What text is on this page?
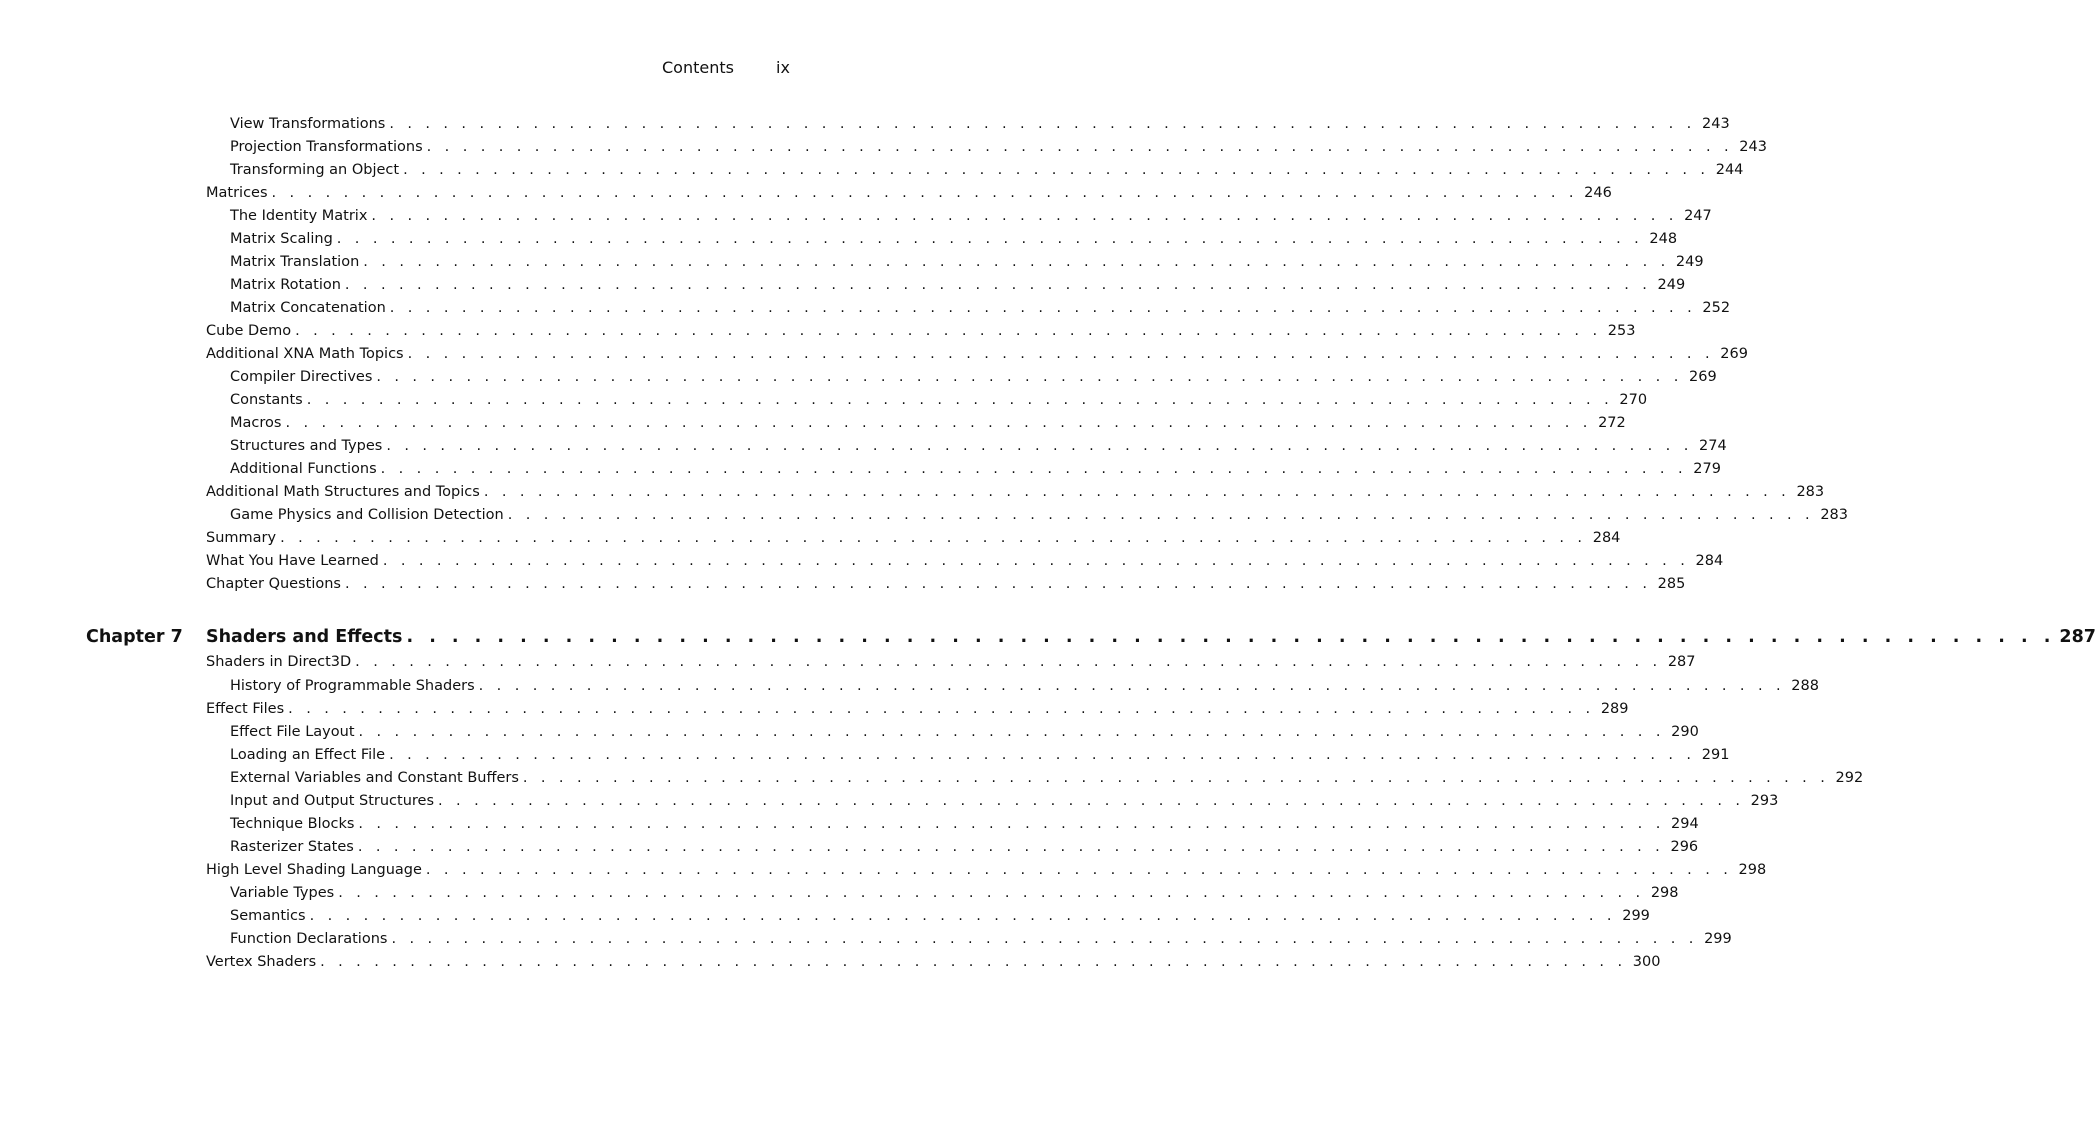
Contents	ix
View Transformations . . . . . . . . . . . . . . . . . . . . . . . . . . . . . . . . . . . . . . . . . . . . . . . . . . . . . . . . . . . . . . . . . . . . . . . . . 243
Projection Transformations . . . . . . . . . . . . . . . . . . . . . . . . . . . . . . . . . . . . . . . . . . . . . . . . . . . . . . . . . . . . . . . . . . . . . . . . . 243
Transforming an Object . . . . . . . . . . . . . . . . . . . . . . . . . . . . . . . . . . . . . . . . . . . . . . . . . . . . . . . . . . . . . . . . . . . . . . . . . 244
Matrices . . . . . . . . . . . . . . . . . . . . . . . . . . . . . . . . . . . . . . . . . . . . . . . . . . . . . . . . . . . . . . . . . . . . . . . . . 246
The Identity Matrix . . . . . . . . . . . . . . . . . . . . . . . . . . . . . . . . . . . . . . . . . . . . . . . . . . . . . . . . . . . . . . . . . . . . . . . . . 247
Matrix Scaling . . . . . . . . . . . . . . . . . . . . . . . . . . . . . . . . . . . . . . . . . . . . . . . . . . . . . . . . . . . . . . . . . . . . . . . . . 248
Matrix Translation . . . . . . . . . . . . . . . . . . . . . . . . . . . . . . . . . . . . . . . . . . . . . . . . . . . . . . . . . . . . . . . . . . . . . . . . . 249
Matrix Rotation . . . . . . . . . . . . . . . . . . . . . . . . . . . . . . . . . . . . . . . . . . . . . . . . . . . . . . . . . . . . . . . . . . . . . . . . . 249
Matrix Concatenation . . . . . . . . . . . . . . . . . . . . . . . . . . . . . . . . . . . . . . . . . . . . . . . . . . . . . . . . . . . . . . . . . . . . . . . . . 252
Cube Demo . . . . . . . . . . . . . . . . . . . . . . . . . . . . . . . . . . . . . . . . . . . . . . . . . . . . . . . . . . . . . . . . . . . . . . . . . 253
Additional XNA Math Topics . . . . . . . . . . . . . . . . . . . . . . . . . . . . . . . . . . . . . . . . . . . . . . . . . . . . . . . . . . . . . . . . . . . . . . . . . 269
Compiler Directives . . . . . . . . . . . . . . . . . . . . . . . . . . . . . . . . . . . . . . . . . . . . . . . . . . . . . . . . . . . . . . . . . . . . . . . . . 269
Constants . . . . . . . . . . . . . . . . . . . . . . . . . . . . . . . . . . . . . . . . . . . . . . . . . . . . . . . . . . . . . . . . . . . . . . . . . 270
Macros . . . . . . . . . . . . . . . . . . . . . . . . . . . . . . . . . . . . . . . . . . . . . . . . . . . . . . . . . . . . . . . . . . . . . . . . . 272
Structures and Types . . . . . . . . . . . . . . . . . . . . . . . . . . . . . . . . . . . . . . . . . . . . . . . . . . . . . . . . . . . . . . . . . . . . . . . . . 274
Additional Functions . . . . . . . . . . . . . . . . . . . . . . . . . . . . . . . . . . . . . . . . . . . . . . . . . . . . . . . . . . . . . . . . . . . . . . . . . 279
Additional Math Structures and Topics . . . . . . . . . . . . . . . . . . . . . . . . . . . . . . . . . . . . . . . . . . . . . . . . . . . . . . . . . . . . . . . . . . . . . . . . . 283
Game Physics and Collision Detection . . . . . . . . . . . . . . . . . . . . . . . . . . . . . . . . . . . . . . . . . . . . . . . . . . . . . . . . . . . . . . . . . . . . . . . . . 283
Summary . . . . . . . . . . . . . . . . . . . . . . . . . . . . . . . . . . . . . . . . . . . . . . . . . . . . . . . . . . . . . . . . . . . . . . . . . 284
What You Have Learned . . . . . . . . . . . . . . . . . . . . . . . . . . . . . . . . . . . . . . . . . . . . . . . . . . . . . . . . . . . . . . . . . . . . . . . . . 284
Chapter Questions . . . . . . . . . . . . . . . . . . . . . . . . . . . . . . . . . . . . . . . . . . . . . . . . . . . . . . . . . . . . . . . . . . . . . . . . . 285
Chapter 7 Shaders and Effects . . . . . . . . . . . . . . . . . . . . . . . . . . . . . . . . . . . . . . . . . . . . . . . . . . . . . . . . . . . . . . . . . . . . . . . . . 287
Shaders in Direct3D . . . . . . . . . . . . . . . . . . . . . . . . . . . . . . . . . . . . . . . . . . . . . . . . . . . . . . . . . . . . . . . . . . . . . . . . . 287
History of Programmable Shaders . . . . . . . . . . . . . . . . . . . . . . . . . . . . . . . . . . . . . . . . . . . . . . . . . . . . . . . . . . . . . . . . . . . . . . . . . 288
Effect Files . . . . . . . . . . . . . . . . . . . . . . . . . . . . . . . . . . . . . . . . . . . . . . . . . . . . . . . . . . . . . . . . . . . . . . . . . 289
Effect File Layout . . . . . . . . . . . . . . . . . . . . . . . . . . . . . . . . . . . . . . . . . . . . . . . . . . . . . . . . . . . . . . . . . . . . . . . . . 290
Loading an Effect File . . . . . . . . . . . . . . . . . . . . . . . . . . . . . . . . . . . . . . . . . . . . . . . . . . . . . . . . . . . . . . . . . . . . . . . . . 291
External Variables and Constant Buffers . . . . . . . . . . . . . . . . . . . . . . . . . . . . . . . . . . . . . . . . . . . . . . . . . . . . . . . . . . . . . . . . . . . . . . . . . 292
Input and Output Structures . . . . . . . . . . . . . . . . . . . . . . . . . . . . . . . . . . . . . . . . . . . . . . . . . . . . . . . . . . . . . . . . . . . . . . . . . 293
Technique Blocks . . . . . . . . . . . . . . . . . . . . . . . . . . . . . . . . . . . . . . . . . . . . . . . . . . . . . . . . . . . . . . . . . . . . . . . . . 294
Rasterizer States . . . . . . . . . . . . . . . . . . . . . . . . . . . . . . . . . . . . . . . . . . . . . . . . . . . . . . . . . . . . . . . . . . . . . . . . . 296
High Level Shading Language . . . . . . . . . . . . . . . . . . . . . . . . . . . . . . . . . . . . . . . . . . . . . . . . . . . . . . . . . . . . . . . . . . . . . . . . . 298
Variable Types . . . . . . . . . . . . . . . . . . . . . . . . . . . . . . . . . . . . . . . . . . . . . . . . . . . . . . . . . . . . . . . . . . . . . . . . . 298
Semantics . . . . . . . . . . . . . . . . . . . . . . . . . . . . . . . . . . . . . . . . . . . . . . . . . . . . . . . . . . . . . . . . . . . . . . . . . 299
Function Declarations . . . . . . . . . . . . . . . . . . . . . . . . . . . . . . . . . . . . . . . . . . . . . . . . . . . . . . . . . . . . . . . . . . . . . . . . . 299
Vertex Shaders . . . . . . . . . . . . . . . . . . . . . . . . . . . . . . . . . . . . . . . . . . . . . . . . . . . . . . . . . . . . . . . . . . . . . . . . . 300
